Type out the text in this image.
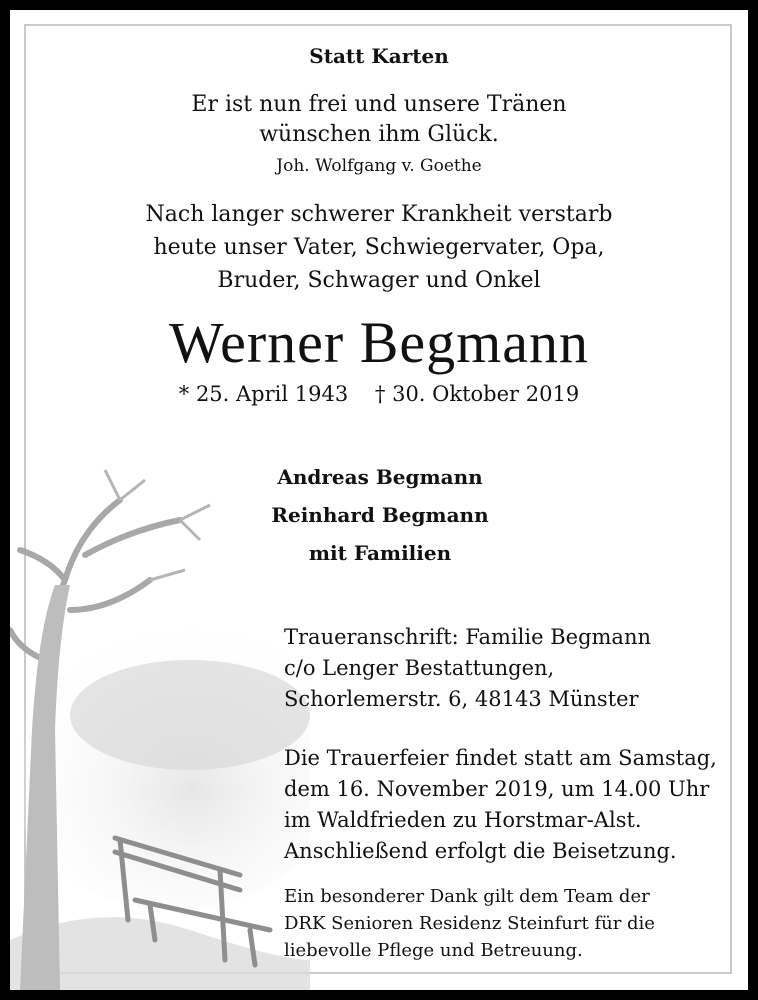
Statt Karten
Er ist nun frei und unsere Tränen
wünschen ihm Glück.
Joh. Wolfgang v. Goethe
Nach langer schwerer Krankheit verstarb
heute unser Vater, Schwiegervater, Opa,
Bruder, Schwager und Onkel
Werner Begmann
* 25. April 1943 † 30. Oktober 2019
Andreas Begmann
Reinhard Begmann
mit Familien
Traueranschrift: Familie Begmann
c/o Lenger Bestattungen,
Schorlemerstr. 6, 48143 Münster
Die Trauerfeier findet statt am Samstag,
dem 16. November 2019, um 14.00 Uhr
im Waldfrieden zu Horstmar-Alst.
Anschließend erfolgt die Beisetzung.
Ein besonderer Dank gilt dem Team der
DRK Senioren Residenz Steinfurt für die
liebevolle Pflege und Betreuung.
